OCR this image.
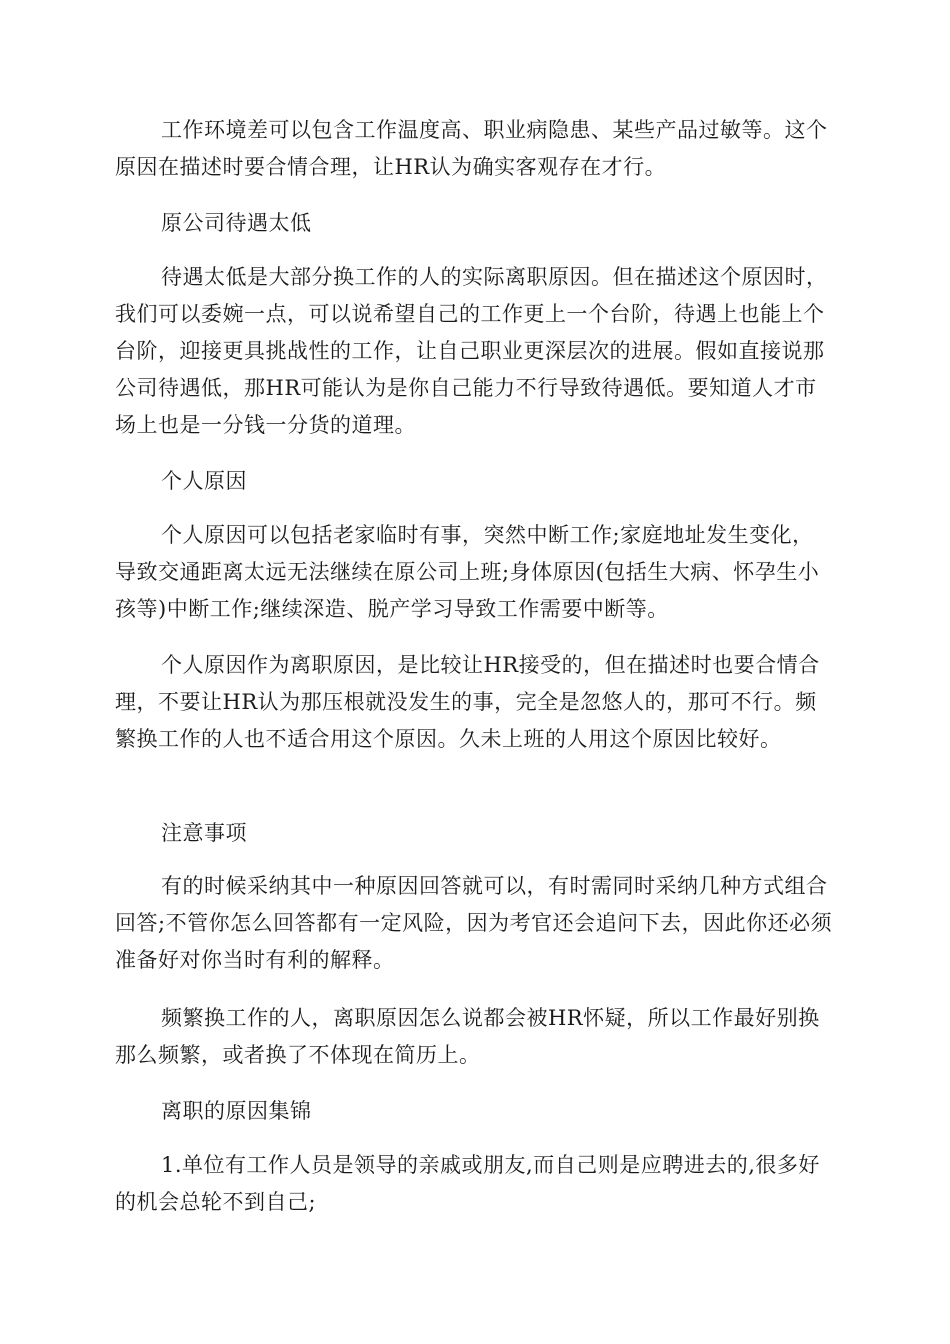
工作环境差可以包含工作温度高、职业病隐患、某些产品过敏等。这个原因在描述时要合情合理，让HR认为确实客观存在才行。

原公司待遇太低

待遇太低是大部分换工作的人的实际离职原因。但在描述这个原因时，我们可以委婉一点，可以说希望自己的工作更上一个台阶，待遇上也能上个台阶，迎接更具挑战性的工作，让自己职业更深层次的进展。假如直接说那公司待遇低，那HR可能认为是你自己能力不行导致待遇低。要知道人才市场上也是一分钱一分货的道理。

个人原因

个人原因可以包括老家临时有事，突然中断工作;家庭地址发生变化，导致交通距离太远无法继续在原公司上班;身体原因(包括生大病、怀孕生小孩等)中断工作;继续深造、脱产学习导致工作需要中断等。

个人原因作为离职原因，是比较让HR接受的，但在描述时也要合情合理，不要让HR认为那压根就没发生的事，完全是忽悠人的，那可不行。频繁换工作的人也不适合用这个原因。久未上班的人用这个原因比较好。

注意事项

有的时候采纳其中一种原因回答就可以，有时需同时采纳几种方式组合回答;不管你怎么回答都有一定风险，因为考官还会追问下去，因此你还必须准备好对你当时有利的解释。

频繁换工作的人，离职原因怎么说都会被HR怀疑，所以工作最好别换那么频繁，或者换了不体现在简历上。

离职的原因集锦

1.单位有工作人员是领导的亲戚或朋友,而自己则是应聘进去的,很多好的机会总轮不到自己;
